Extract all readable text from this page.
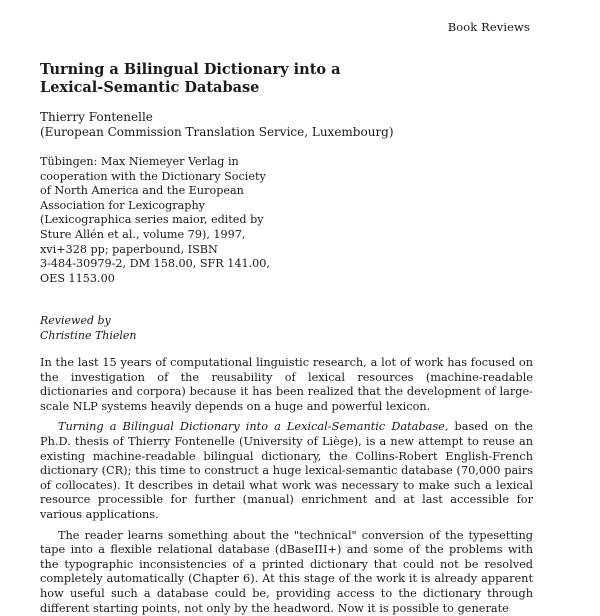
Book Reviews
Turning a Bilingual Dictionary into a
Lexical-Semantic Database
Thierry Fontenelle
(European Commission Translation Service, Luxembourg)
Tübingen: Max Niemeyer Verlag in
cooperation with the Dictionary Society
of North America and the European
Association for Lexicography
(Lexicographica series maior, edited by
Sture Allén et al., volume 79), 1997,
xvi+328 pp; paperbound, ISBN
3-484-30979-2, DM 158.00, SFR 141.00,
OES 1153.00
Reviewed by
Christine Thielen

In the last 15 years of computational linguistic research, a lot of work has focused on the investigation of the reusability of lexical resources (machine-readable dictionaries and corpora) because it has been realized that the development of large-scale NLP systems heavily depends on a huge and powerful lexicon.

Turning a Bilingual Dictionary into a Lexical-Semantic Database, based on the Ph.D. thesis of Thierry Fontenelle (University of Liège), is a new attempt to reuse an existing machine-readable bilingual dictionary, the Collins-Robert English-French dictionary (CR); this time to construct a huge lexical-semantic database (70,000 pairs of collocates). It describes in detail what work was necessary to make such a lexical resource processible for further (manual) enrichment and at last accessible for various applications.

The reader learns something about the "technical" conversion of the typesetting tape into a flexible relational database (dBaseIII+) and some of the problems with the typographic inconsistencies of a printed dictionary that could not be resolved completely automatically (Chapter 6). At this stage of the work it is already apparent how useful such a database could be, providing access to the dictionary through different starting points, not only by the headword. Now it is possible to generate
